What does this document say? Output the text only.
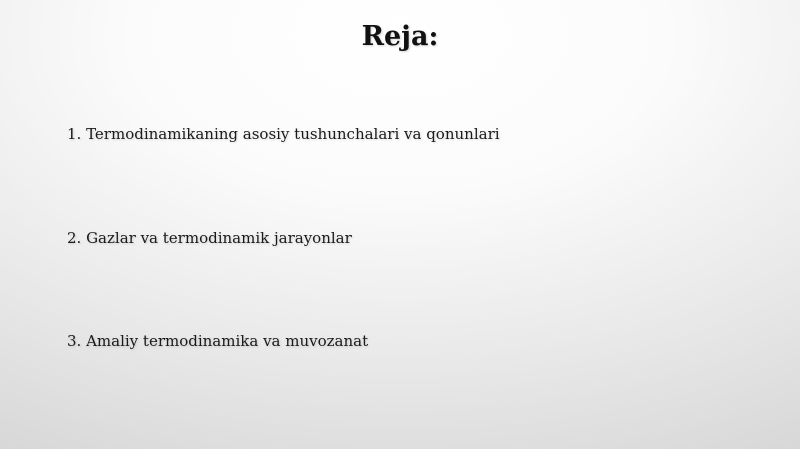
Reja:
1. Termodinamikaning asosiy tushunchalari va qonunlari
2. Gazlar va termodinamik jarayonlar
3. Amaliy termodinamika va muvozanat
